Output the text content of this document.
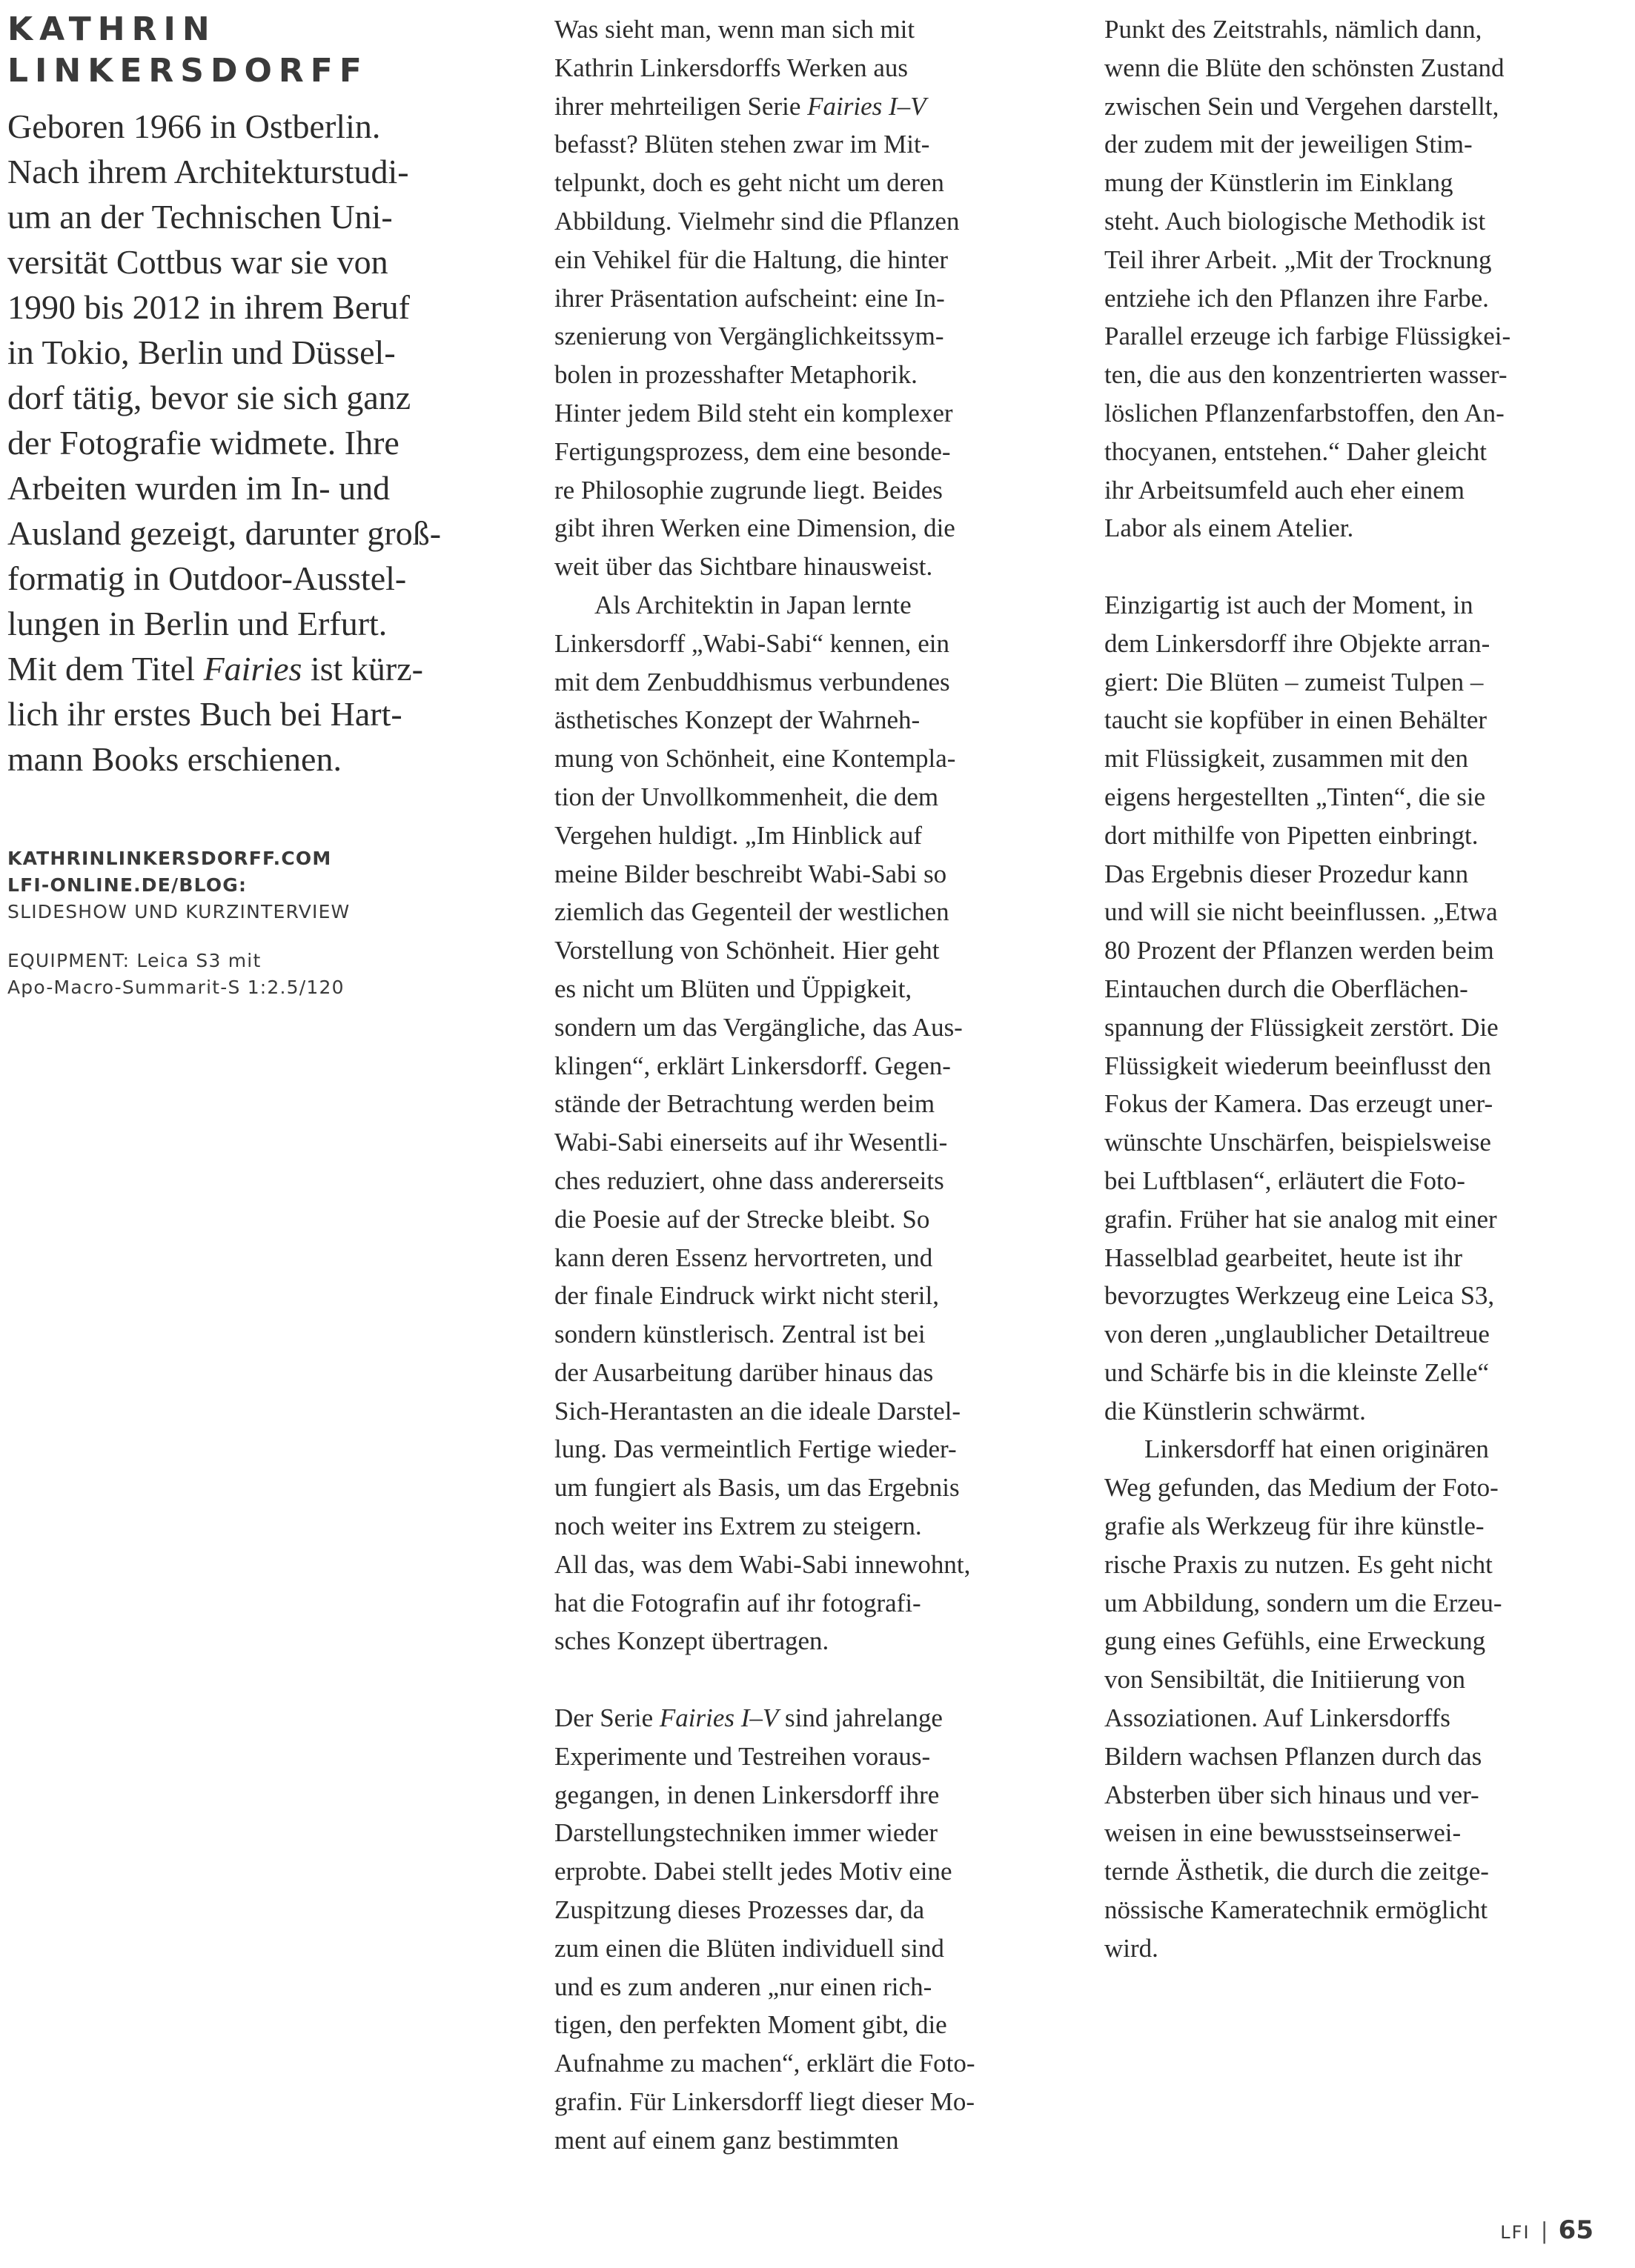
KATHRIN
LINKERSDORFF
Geboren 1966 in Ostberlin.
Nach ihrem Architekturstudi-
um an der Technischen Uni-
versität Cottbus war sie von
1990 bis 2012 in ihrem Beruf
in Tokio, Berlin und Düssel-
dorf tätig, bevor sie sich ganz
der Fotografie widmete. Ihre
Arbeiten wurden im In- und
Ausland gezeigt, darunter groß-
formatig in Outdoor-Ausstel-
lungen in Berlin und Erfurt.
Mit dem Titel Fairies ist kürz-
lich ihr erstes Buch bei Hart-
mann Books erschienen.
KATHRINLINKERSDORFF.COM
LFI-ONLINE.DE/BLOG:
SLIDESHOW UND KURZINTERVIEW
EQUIPMENT: Leica S3 mit
Apo-Macro-Summarit-S 1:2.5/120
Was sieht man, wenn man sich mit
Kathrin Linkersdorffs Werken aus
ihrer mehrteiligen Serie Fairies I–V
befasst? Blüten stehen zwar im Mit-
telpunkt, doch es geht nicht um deren
Abbildung. Vielmehr sind die Pflanzen
ein Vehikel für die Haltung, die hinter
ihrer Präsentation aufscheint: eine In-
szenierung von Vergänglichkeitssym-
bolen in prozesshafter Metaphorik.
Hinter jedem Bild steht ein komplexer
Fertigungsprozess, dem eine besonde-
re Philosophie zugrunde liegt. Beides
gibt ihren Werken eine Dimension, die
weit über das Sichtbare hinausweist.
Als Architektin in Japan lernte
Linkersdorff „Wabi-Sabi“ kennen, ein
mit dem Zenbuddhismus verbundenes
ästhetisches Konzept der Wahrneh-
mung von Schönheit, eine Kontempla-
tion der Unvollkommenheit, die dem
Vergehen huldigt. „Im Hinblick auf
meine Bilder beschreibt Wabi-Sabi so
ziemlich das Gegenteil der westlichen
Vorstellung von Schönheit. Hier geht
es nicht um Blüten und Üppigkeit,
sondern um das Vergängliche, das Aus-
klingen“, erklärt Linkersdorff. Gegen-
stände der Betrachtung werden beim
Wabi-Sabi einerseits auf ihr Wesentli-
ches reduziert, ohne dass andererseits
die Poesie auf der Strecke bleibt. So
kann deren Essenz hervortreten, und
der finale Eindruck wirkt nicht steril,
sondern künstlerisch. Zentral ist bei
der Ausarbeitung darüber hinaus das
Sich-Herantasten an die ideale Darstel-
lung. Das vermeintlich Fertige wieder-
um fungiert als Basis, um das Ergebnis
noch weiter ins Extrem zu steigern.
All das, was dem Wabi-Sabi innewohnt,
hat die Fotografin auf ihr fotografi-
sches Konzept übertragen.
Der Serie Fairies I–V sind jahrelange
Experimente und Testreihen voraus-
gegangen, in denen Linkersdorff ihre
Darstellungstechniken immer wieder
erprobte. Dabei stellt jedes Motiv eine
Zuspitzung dieses Prozesses dar, da
zum einen die Blüten individuell sind
und es zum anderen „nur einen rich-
tigen, den perfekten Moment gibt, die
Aufnahme zu machen“, erklärt die Foto-
grafin. Für Linkersdorff liegt dieser Mo-
ment auf einem ganz bestimmten
Punkt des Zeitstrahls, nämlich dann,
wenn die Blüte den schönsten Zustand
zwischen Sein und Vergehen darstellt,
der zudem mit der jeweiligen Stim-
mung der Künstlerin im Einklang
steht. Auch biologische Methodik ist
Teil ihrer Arbeit. „Mit der Trocknung
entziehe ich den Pflanzen ihre Farbe.
Parallel erzeuge ich farbige Flüssigkei-
ten, die aus den konzentrierten wasser-
löslichen Pflanzenfarbstoffen, den An-
thocyanen, entstehen.“ Daher gleicht
ihr Arbeitsumfeld auch eher einem
Labor als einem Atelier.
Einzigartig ist auch der Moment, in
dem Linkersdorff ihre Objekte arran-
giert: Die Blüten – zumeist Tulpen –
taucht sie kopfüber in einen Behälter
mit Flüssigkeit, zusammen mit den
eigens hergestellten „Tinten“, die sie
dort mithilfe von Pipetten einbringt.
Das Ergebnis dieser Prozedur kann
und will sie nicht beeinflussen. „Etwa
80 Prozent der Pflanzen werden beim
Eintauchen durch die Oberflächen-
spannung der Flüssigkeit zerstört. Die
Flüssigkeit wiederum beeinflusst den
Fokus der Kamera. Das erzeugt uner-
wünschte Unschärfen, beispielsweise
bei Luftblasen“, erläutert die Foto-
grafin. Früher hat sie analog mit einer
Hasselblad gearbeitet, heute ist ihr
bevorzugtes Werkzeug eine Leica S3,
von deren „unglaublicher Detailtreue
und Schärfe bis in die kleinste Zelle“
die Künstlerin schwärmt.
Linkersdorff hat einen originären
Weg gefunden, das Medium der Foto-
grafie als Werkzeug für ihre künstle-
rische Praxis zu nutzen. Es geht nicht
um Abbildung, sondern um die Erzeu-
gung eines Gefühls, eine Erweckung
von Sensibiltät, die Initiierung von
Assoziationen. Auf Linkersdorffs
Bildern wachsen Pflanzen durch das
Absterben über sich hinaus und ver-
weisen in eine bewusstseinserwei-
ternde Ästhetik, die durch die zeitge-
nössische Kameratechnik ermöglicht
wird.
LFI | 65
